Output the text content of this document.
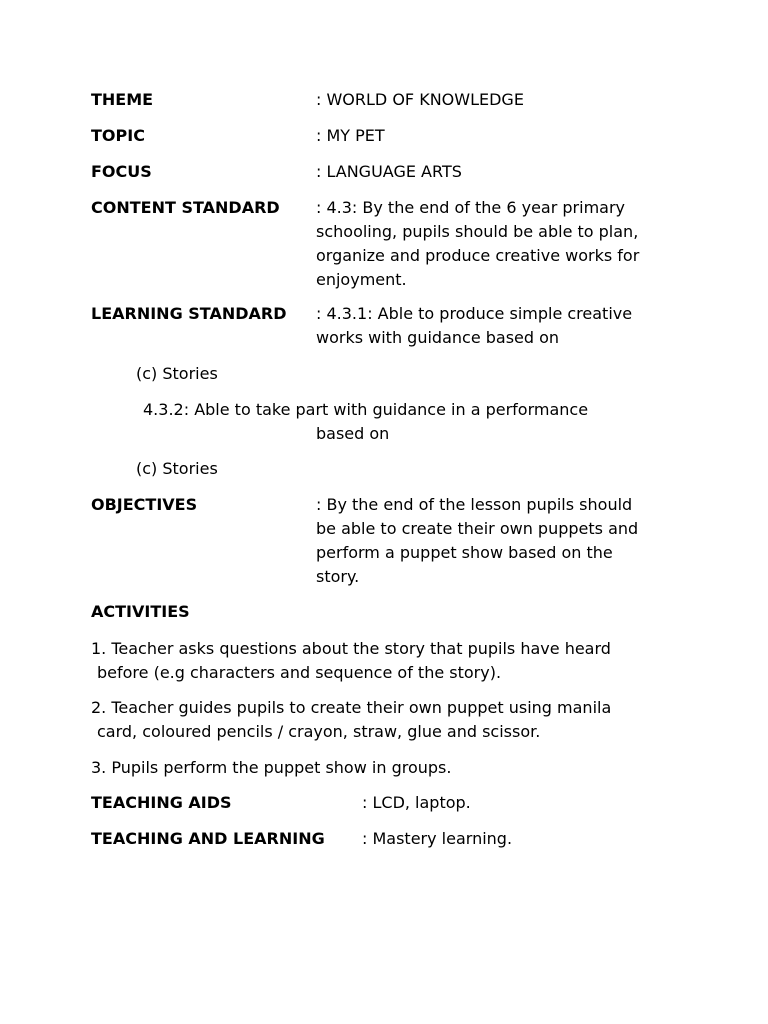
THEME	: WORLD OF KNOWLEDGE
TOPIC	: MY PET
FOCUS	: LANGUAGE ARTS
CONTENT STANDARD : 4.3: By the end of the 6 year primary
schooling, pupils should be able to plan,
organize and produce creative works for
enjoyment.
LEARNING STANDARD : 4.3.1: Able to produce simple creative
works with guidance based on
(c) Stories
4.3.2: Able to take part with guidance in a performance
based on
(c) Stories
OBJECTIVES	: By the end of the lesson pupils should
be able to create their own puppets and
perform a puppet show based on the
story.
ACTIVITIES
1. Teacher asks questions about the story that pupils have heard
before (e.g characters and sequence of the story).
2. Teacher guides pupils to create their own puppet using manila
card, coloured pencils / crayon, straw, glue and scissor.
3. Pupils perform the puppet show in groups.
TEACHING AIDS	: LCD, laptop.
TEACHING AND LEARNING : Mastery learning.
